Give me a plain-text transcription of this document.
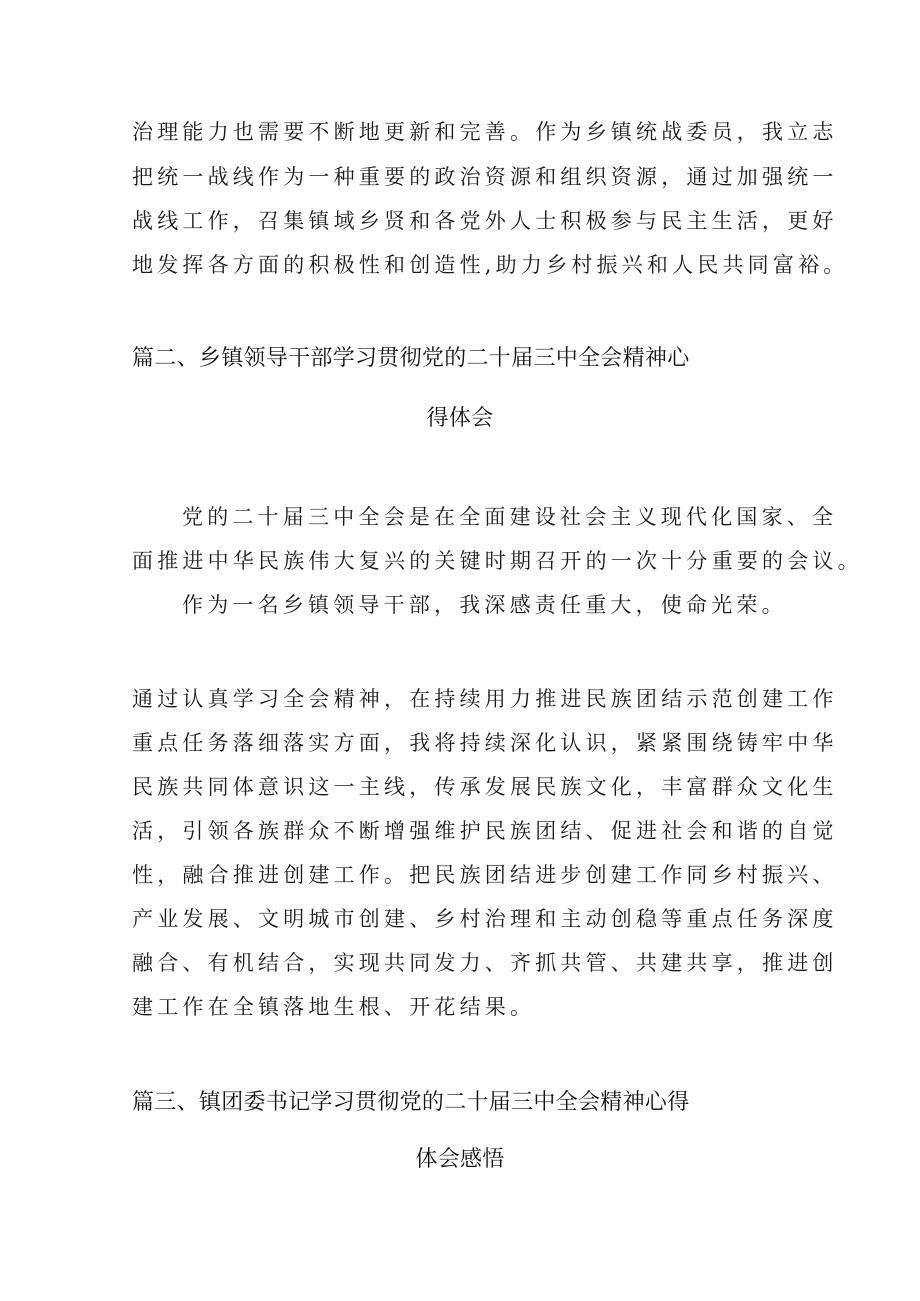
治理能力也需要不断地更新和完善。作为乡镇统战委员，我立志
把统一战线作为一种重要的政治资源和组织资源，通过加强统一
战线工作，召集镇域乡贤和各党外人士积极参与民主生活，更好
地发挥各方面的积极性和创造性,助力乡村振兴和人民共同富裕。
篇二、乡镇领导干部学习贯彻党的二十届三中全会精神心
得体会
党的二十届三中全会是在全面建设社会主义现代化国家、全
面推进中华民族伟大复兴的关键时期召开的一次十分重要的会议。
作为一名乡镇领导干部，我深感责任重大，使命光荣。
通过认真学习全会精神，在持续用力推进民族团结示范创建工作
重点任务落细落实方面，我将持续深化认识，紧紧围绕铸牢中华
民族共同体意识这一主线，传承发展民族文化，丰富群众文化生
活，引领各族群众不断增强维护民族团结、促进社会和谐的自觉
性，融合推进创建工作。把民族团结进步创建工作同乡村振兴、
产业发展、文明城市创建、乡村治理和主动创稳等重点任务深度
融合、有机结合，实现共同发力、齐抓共管、共建共享，推进创
建工作在全镇落地生根、开花结果。
篇三、镇团委书记学习贯彻党的二十届三中全会精神心得
体会感悟
